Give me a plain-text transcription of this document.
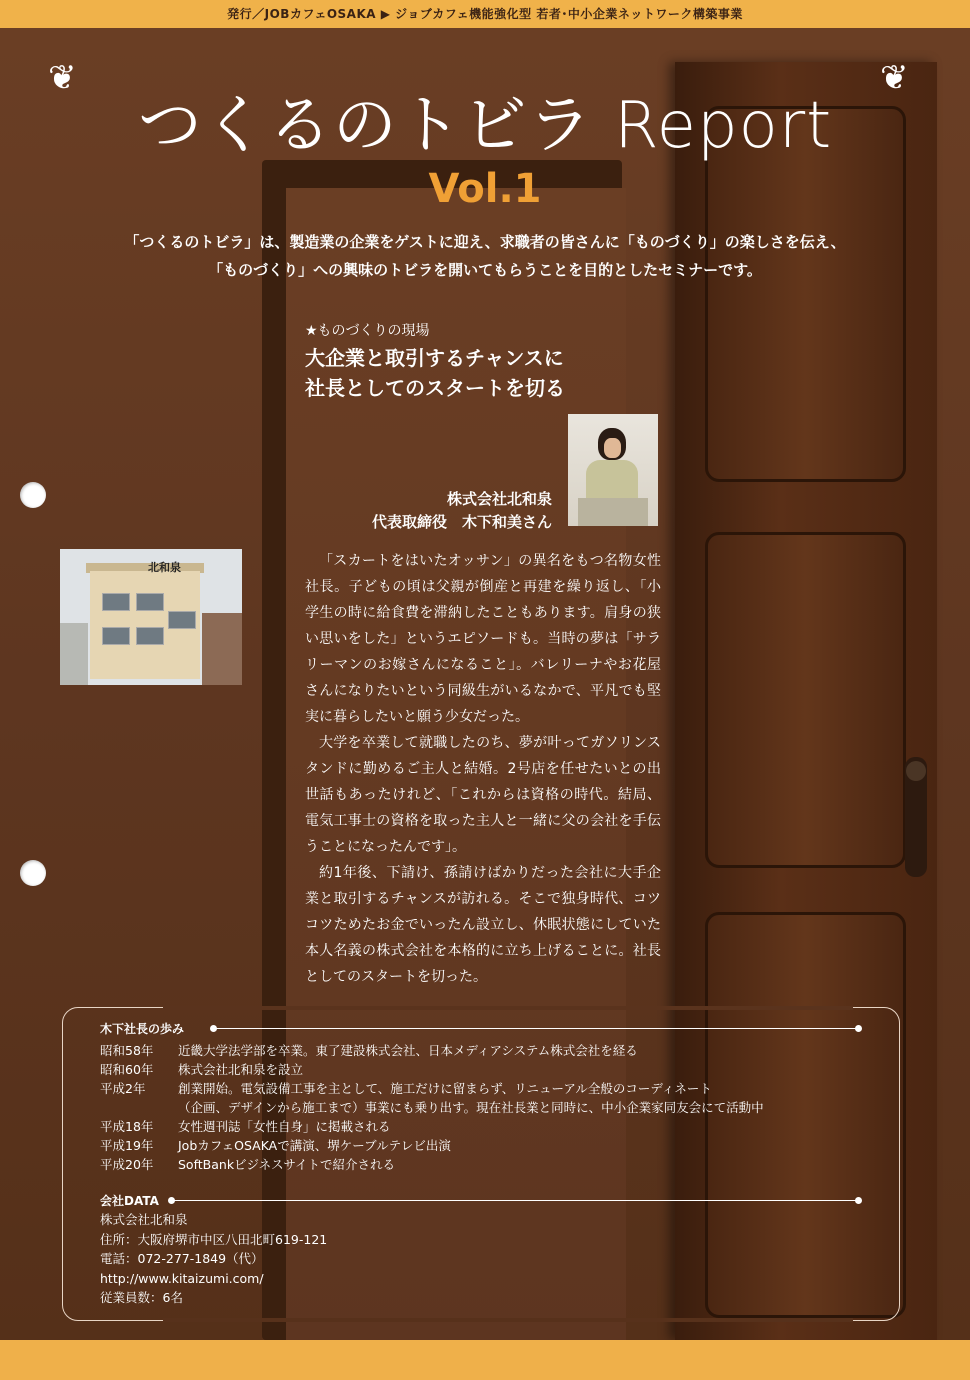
発行／JOBカフェOSAKA ▶ ジョブカフェ機能強化型 若者･中小企業ネットワーク構築事業
つくるのトビラ Report
❦	❦
Vol.1
「つくるのトビラ」は、製造業の企業をゲストに迎え、求職者の皆さんに「ものづくり」の楽しさを伝え、
「ものづくり」への興味のトビラを開いてもらうことを目的としたセミナーです。
★ものづくりの現場
大企業と取引するチャンスに
社長としてのスタートを切る
株式会社北和泉
代表取締役　木下和美さん
北和泉	「スカートをはいたオッサン」の異名をもつ名物女性社長。子どもの頃は父親が倒産と再建を繰り返し、「小学生の時に給食費を滞納したこともあります。肩身の狭い思いをした」というエピソードも。当時の夢は「サラリーマンのお嫁さんになること」。バレリーナやお花屋さんになりたいという同級生がいるなかで、平凡でも堅実に暮らしたいと願う少女だった。

大学を卒業して就職したのち、夢が叶ってガソリンスタンドに勤めるご主人と結婚。2号店を任せたいとの出世話もあったけれど、「これからは資格の時代。結局、電気工事士の資格を取った主人と一緒に父の会社を手伝うことになったんです」。

約1年後、下請け、孫請けばかりだった会社に大手企業と取引するチャンスが訪れる。そこで独身時代、コツコツためたお金でいったん設立し、休眠状態にしていた本人名義の株式会社を本格的に立ち上げることに。社長としてのスタートを切った。

木下社長の歩み
昭和58年	近畿大学法学部を卒業。東了建設株式会社、日本メディアシステム株式会社を経る
昭和60年	株式会社北和泉を設立
平成2年	創業開始。電気設備工事を主として、施工だけに留まらず、リニューアル全般のコーディネート
（企画、デザインから施工まで）事業にも乗り出す。現在社長業と同時に、中小企業家同友会にて活動中
平成18年	女性週刊誌「女性自身」に掲載される
平成19年	JobカフェOSAKAで講演、堺ケーブルテレビ出演
平成20年	SoftBankビジネスサイトで紹介される
会社DATA
株式会社北和泉
住所：大阪府堺市中区八田北町619-121
電話：072-277-1849（代）
http://www.kitaizumi.com/
従業員数：6名
